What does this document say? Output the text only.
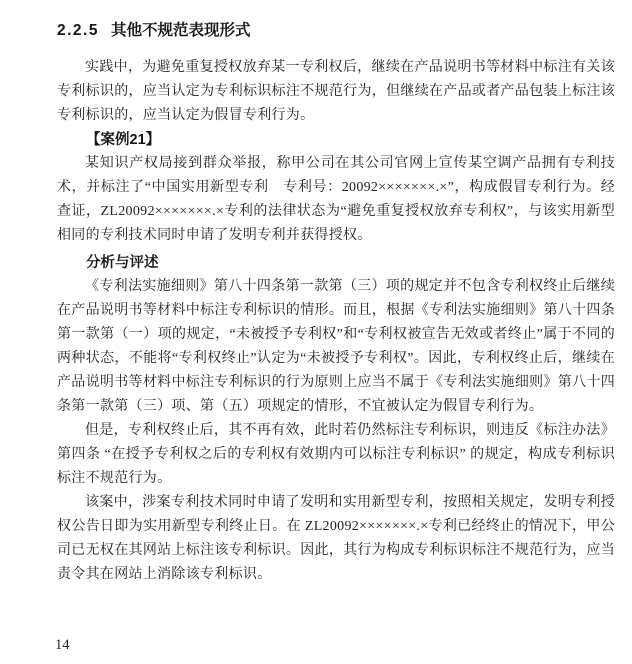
2.2.5 其他不规范表现形式

实践中，为避免重复授权放弃某一专利权后，继续在产品说明书等材料中标注有关该专利标识的，应当认定为专利标识标注不规范行为，但继续在产品或者产品包装上标注该专利标识的，应当认定为假冒专利行为。

【案例21】

某知识产权局接到群众举报，称甲公司在其公司官网上宣传某空调产品拥有专利技术，并标注了“中国实用新型专利　专利号：20092×××××××.×”，构成假冒专利行为。经查证，ZL20092×××××××.×专利的法律状态为“避免重复授权放弃专利权”，与该实用新型相同的专利技术同时申请了发明专利并获得授权。

分析与评述

《专利法实施细则》第八十四条第一款第（三）项的规定并不包含专利权终止后继续在产品说明书等材料中标注专利标识的情形。而且，根据《专利法实施细则》第八十四条第一款第（一）项的规定，“未被授予专利权”和“专利权被宣告无效或者终止”属于不同的两种状态，不能将“专利权终止”认定为“未被授予专利权”。因此，专利权终止后，继续在产品说明书等材料中标注专利标识的行为原则上应当不属于《专利法实施细则》第八十四条第一款第（三）项、第（五）项规定的情形，不宜被认定为假冒专利行为。

但是，专利权终止后，其不再有效，此时若仍然标注专利标识，则违反《标注办法》第四条 “在授予专利权之后的专利权有效期内可以标注专利标识” 的规定，构成专利标识标注不规范行为。

该案中，涉案专利技术同时申请了发明和实用新型专利，按照相关规定，发明专利授权公告日即为实用新型专利终止日。在 ZL20092×××××××.×专利已经终止的情况下，甲公司已无权在其网站上标注该专利标识。因此，其行为构成专利标识标注不规范行为，应当责令其在网站上消除该专利标识。

14
